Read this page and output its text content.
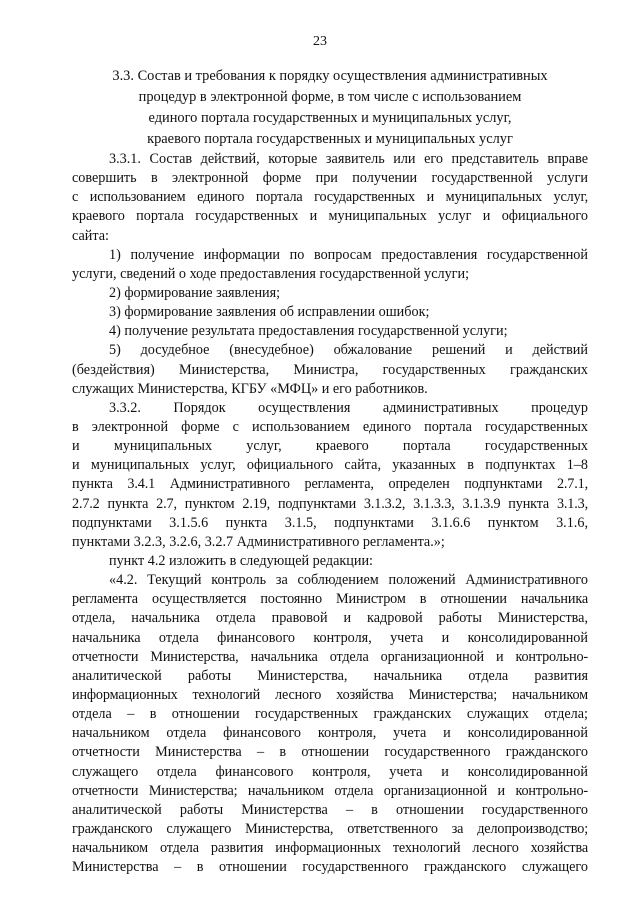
23
3.3. Состав и требования к порядку осуществления административных
процедур в электронной форме, в том числе с использованием
единого портала государственных и муниципальных услуг,
краевого портала государственных и муниципальных услуг
3.3.1. Состав действий, которые заявитель или его представитель вправе
совершить в электронной форме при получении государственной услуги
с использованием единого портала государственных и муниципальных услуг,
краевого портала государственных и муниципальных услуг и официального
сайта:
1) получение информации по вопросам предоставления государственной
услуги, сведений о ходе предоставления государственной услуги;
2) формирование заявления;
3) формирование заявления об исправлении ошибок;
4) получение результата предоставления государственной услуги;
5) досудебное (внесудебное) обжалование решений и действий
(бездействия) Министерства, Министра, государственных гражданских
служащих Министерства, КГБУ «МФЦ» и его работников.
3.3.2. Порядок осуществления административных процедур
в электронной форме с использованием единого портала государственных
и муниципальных услуг, краевого портала государственных
и муниципальных услуг, официального сайта, указанных в подпунктах 1–8
пункта 3.4.1 Административного регламента, определен подпунктами 2.7.1,
2.7.2 пункта 2.7, пунктом 2.19, подпунктами 3.1.3.2, 3.1.3.3, 3.1.3.9 пункта 3.1.3,
подпунктами 3.1.5.6 пункта 3.1.5, подпунктами 3.1.6.6 пунктом 3.1.6,
пунктами 3.2.3, 3.2.6, 3.2.7 Административного регламента.»;
пункт 4.2 изложить в следующей редакции:
«4.2. Текущий контроль за соблюдением положений Административного
регламента осуществляется постоянно Министром в отношении начальника
отдела, начальника отдела правовой и кадровой работы Министерства,
начальника отдела финансового контроля, учета и консолидированной
отчетности Министерства, начальника отдела организационной и контрольно-
аналитической работы Министерства, начальника отдела развития
информационных технологий лесного хозяйства Министерства; начальником
отдела – в отношении государственных гражданских служащих отдела;
начальником отдела финансового контроля, учета и консолидированной
отчетности Министерства – в отношении государственного гражданского
служащего отдела финансового контроля, учета и консолидированной
отчетности Министерства; начальником отдела организационной и контрольно-
аналитической работы Министерства – в отношении государственного
гражданского служащего Министерства, ответственного за делопроизводство;
начальником отдела развития информационных технологий лесного хозяйства
Министерства – в отношении государственного гражданского служащего
